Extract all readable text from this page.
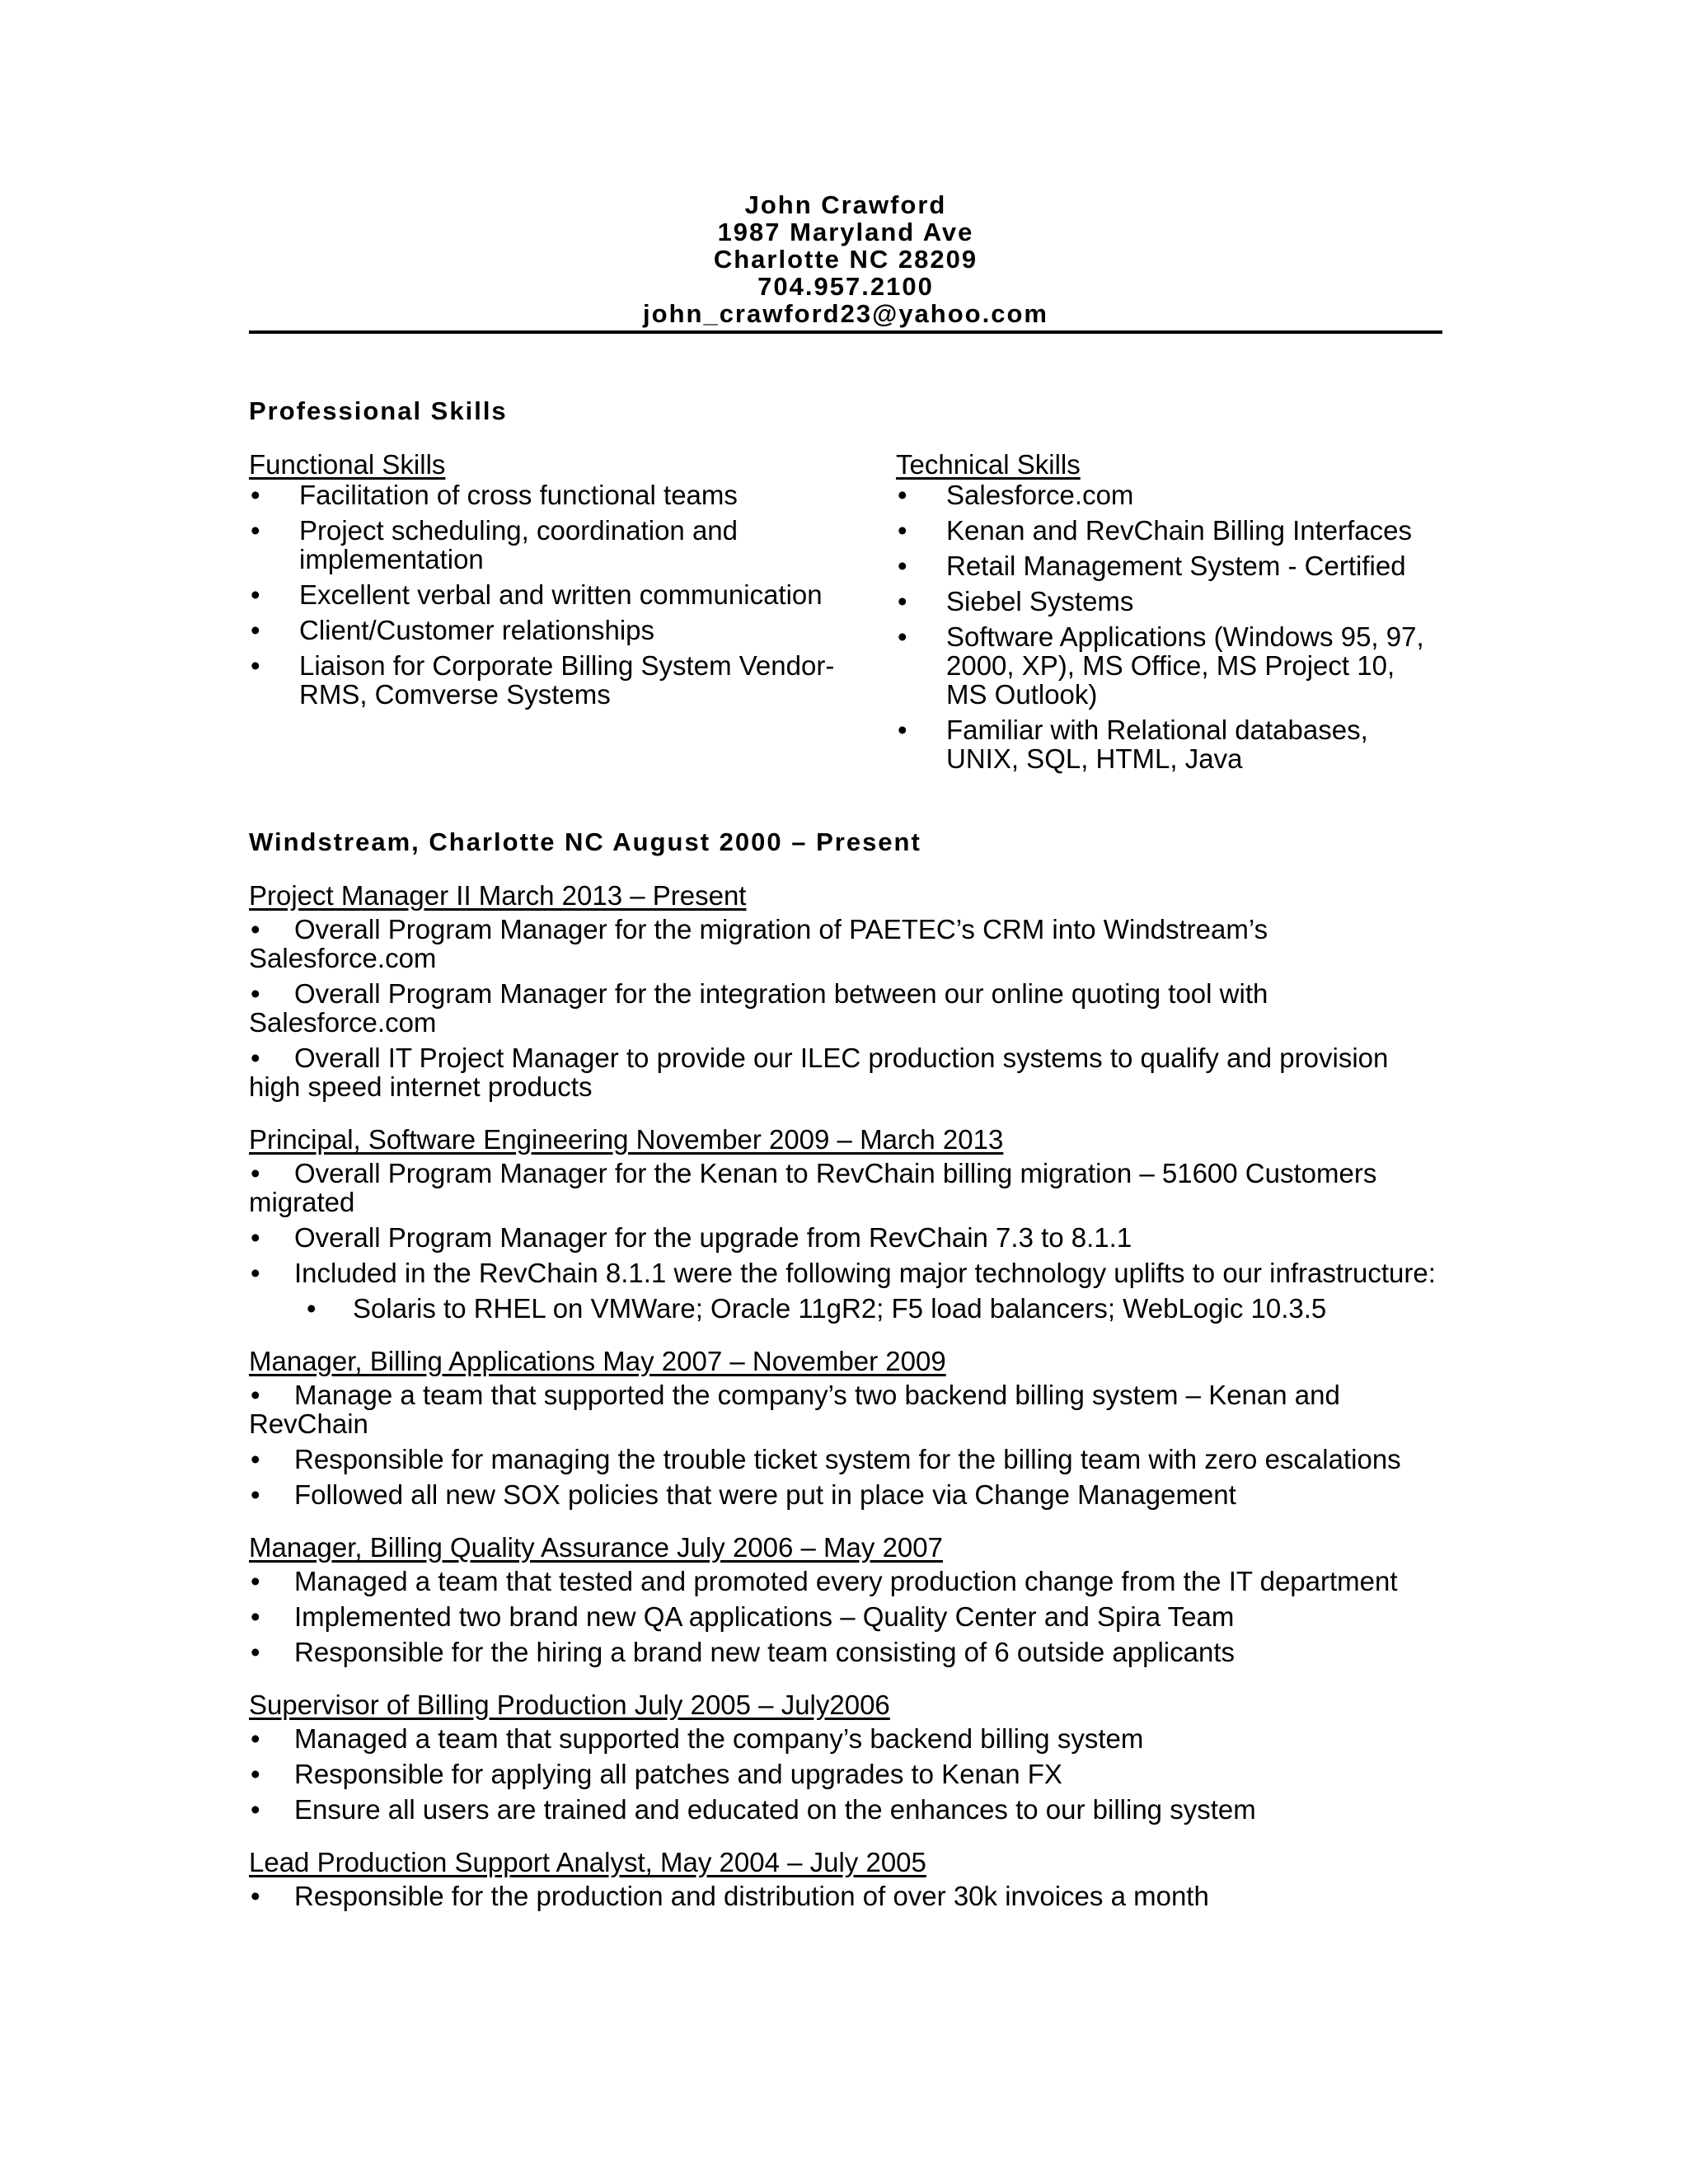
John Crawford
1987 Maryland Ave
Charlotte NC 28209
704.957.2100
john_crawford23@yahoo.com
Professional Skills
Functional Skills
• Facilitation of cross functional teams
• Project scheduling, coordination and implementation
• Excellent verbal and written communication
• Client/Customer relationships
• Liaison for Corporate Billing System Vendor- RMS, Comverse Systems
Technical Skills
• Salesforce.com
• Kenan and RevChain Billing Interfaces
• Retail Management System - Certified
• Siebel Systems
• Software Applications (Windows 95, 97, 2000, XP), MS Office, MS Project 10, MS Outlook)
• Familiar with Relational databases, UNIX, SQL, HTML, Java
Windstream, Charlotte NC August 2000 – Present
Project Manager II March 2013 – Present
• Overall Program Manager for the migration of PAETEC’s CRM into Windstream’s Salesforce.com
• Overall Program Manager for the integration between our online quoting tool with Salesforce.com
• Overall IT Project Manager to provide our ILEC production systems to qualify and provision high speed internet products
Principal, Software Engineering November 2009 – March 2013
• Overall Program Manager for the Kenan to RevChain billing migration – 51600 Customers migrated
• Overall Program Manager for the upgrade from RevChain 7.3 to 8.1.1
• Included in the RevChain 8.1.1 were the following major technology uplifts to our infrastructure:
• Solaris to RHEL on VMWare; Oracle 11gR2; F5 load balancers; WebLogic 10.3.5
Manager, Billing Applications May 2007 – November 2009
• Manage a team that supported the company’s two backend billing system – Kenan and RevChain
• Responsible for managing the trouble ticket system for the billing team with zero escalations
• Followed all new SOX policies that were put in place via Change Management
Manager, Billing Quality Assurance July 2006 – May 2007
• Managed a team that tested and promoted every production change from the IT department
• Implemented two brand new QA applications – Quality Center and Spira Team
• Responsible for the hiring a brand new team consisting of 6 outside applicants
Supervisor of Billing Production July 2005 – July2006
• Managed a team that supported the company’s backend billing system
• Responsible for applying all patches and upgrades to Kenan FX
• Ensure all users are trained and educated on the enhances to our billing system
Lead Production Support Analyst, May 2004 – July 2005
• Responsible for the production and distribution of over 30k invoices a month
